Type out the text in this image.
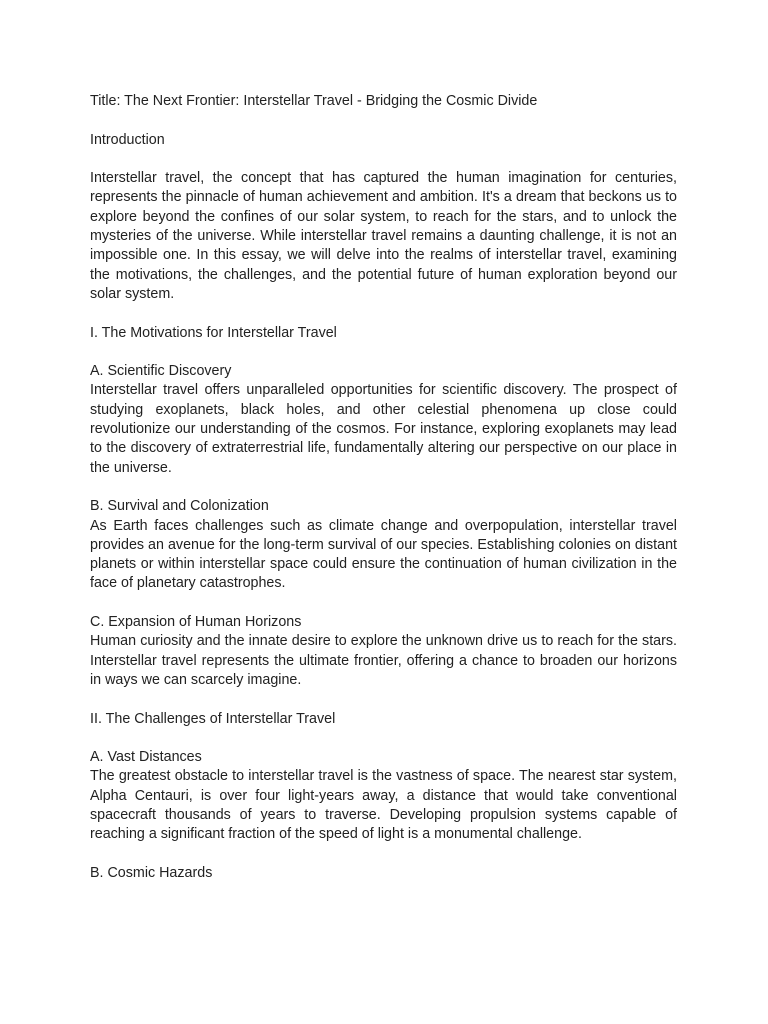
Title: The Next Frontier: Interstellar Travel - Bridging the Cosmic Divide

Introduction

Interstellar travel, the concept that has captured the human imagination for centuries, represents the pinnacle of human achievement and ambition. It's a dream that beckons us to explore beyond the confines of our solar system, to reach for the stars, and to unlock the mysteries of the universe. While interstellar travel remains a daunting challenge, it is not an impossible one. In this essay, we will delve into the realms of interstellar travel, examining the motivations, the challenges, and the potential future of human exploration beyond our solar system.

I. The Motivations for Interstellar Travel

A. Scientific Discovery

Interstellar travel offers unparalleled opportunities for scientific discovery. The prospect of studying exoplanets, black holes, and other celestial phenomena up close could revolutionize our understanding of the cosmos. For instance, exploring exoplanets may lead to the discovery of extraterrestrial life, fundamentally altering our perspective on our place in the universe.

B. Survival and Colonization

As Earth faces challenges such as climate change and overpopulation, interstellar travel provides an avenue for the long-term survival of our species. Establishing colonies on distant planets or within interstellar space could ensure the continuation of human civilization in the face of planetary catastrophes.

C. Expansion of Human Horizons

Human curiosity and the innate desire to explore the unknown drive us to reach for the stars. Interstellar travel represents the ultimate frontier, offering a chance to broaden our horizons in ways we can scarcely imagine.

II. The Challenges of Interstellar Travel

A. Vast Distances

The greatest obstacle to interstellar travel is the vastness of space. The nearest star system, Alpha Centauri, is over four light-years away, a distance that would take conventional spacecraft thousands of years to traverse. Developing propulsion systems capable of reaching a significant fraction of the speed of light is a monumental challenge.

B. Cosmic Hazards
